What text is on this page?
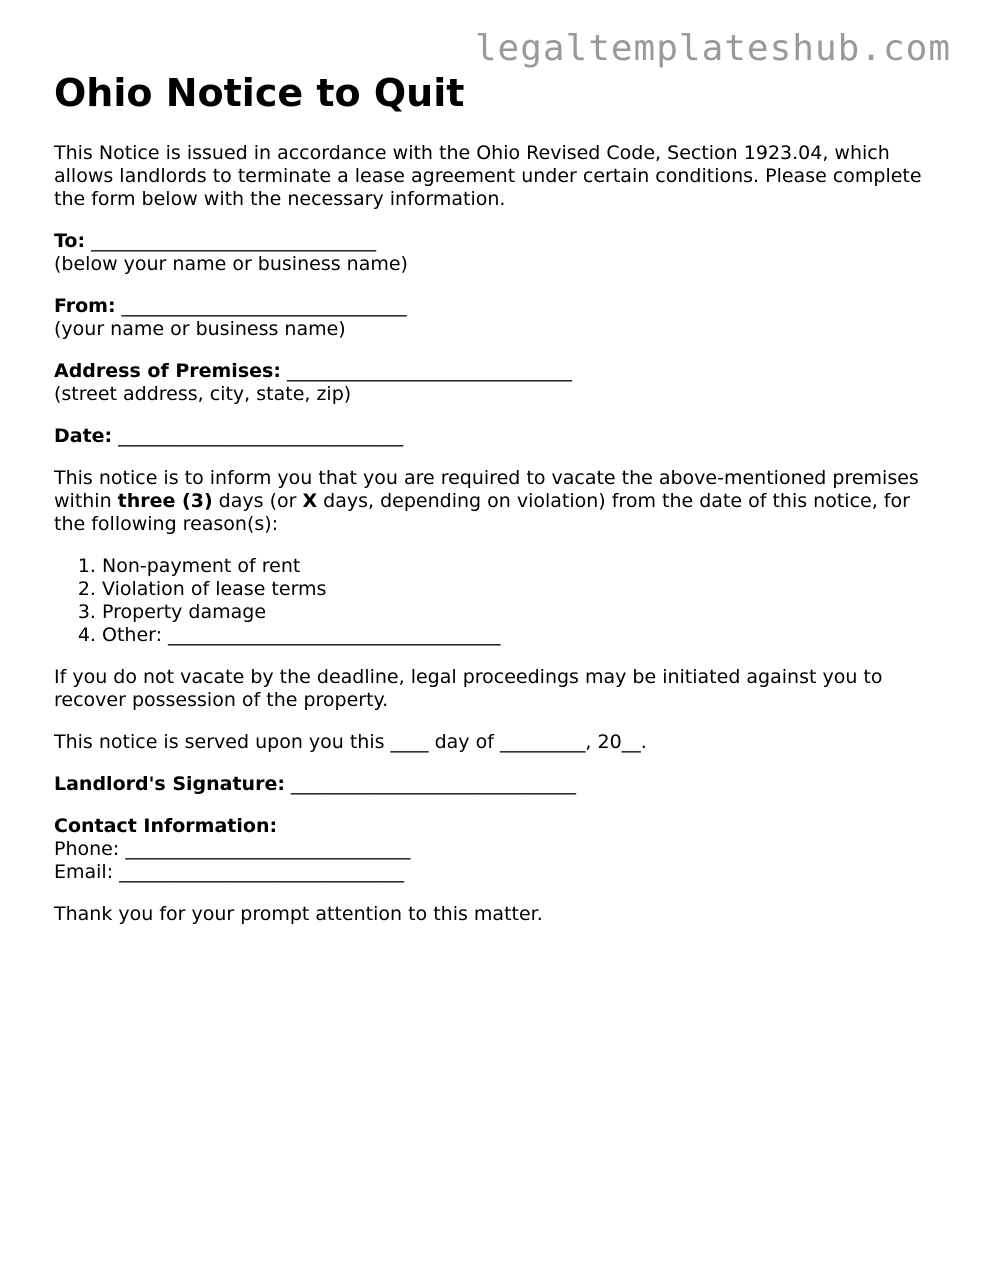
legaltemplateshub.com
Ohio Notice to Quit

This Notice is issued in accordance with the Ohio Revised Code, Section 1923.04, which allows landlords to terminate a lease agreement under certain conditions. Please complete the form below with the necessary information.

To: ______________________________
(below your name or business name)

From: ______________________________
(your name or business name)

Address of Premises: ______________________________
(street address, city, state, zip)

Date: ______________________________

This notice is to inform you that you are required to vacate the above-mentioned premises within three (3) days (or X days, depending on violation) from the date of this notice, for the following reason(s):

1. Non-payment of rent
2. Violation of lease terms
3. Property damage
4. Other: ___________________________________

If you do not vacate by the deadline, legal proceedings may be initiated against you to recover possession of the property.

This notice is served upon you this ____ day of _________, 20__.

Landlord's Signature: ______________________________

Contact Information:
Phone: ______________________________
Email: ______________________________

Thank you for your prompt attention to this matter.
